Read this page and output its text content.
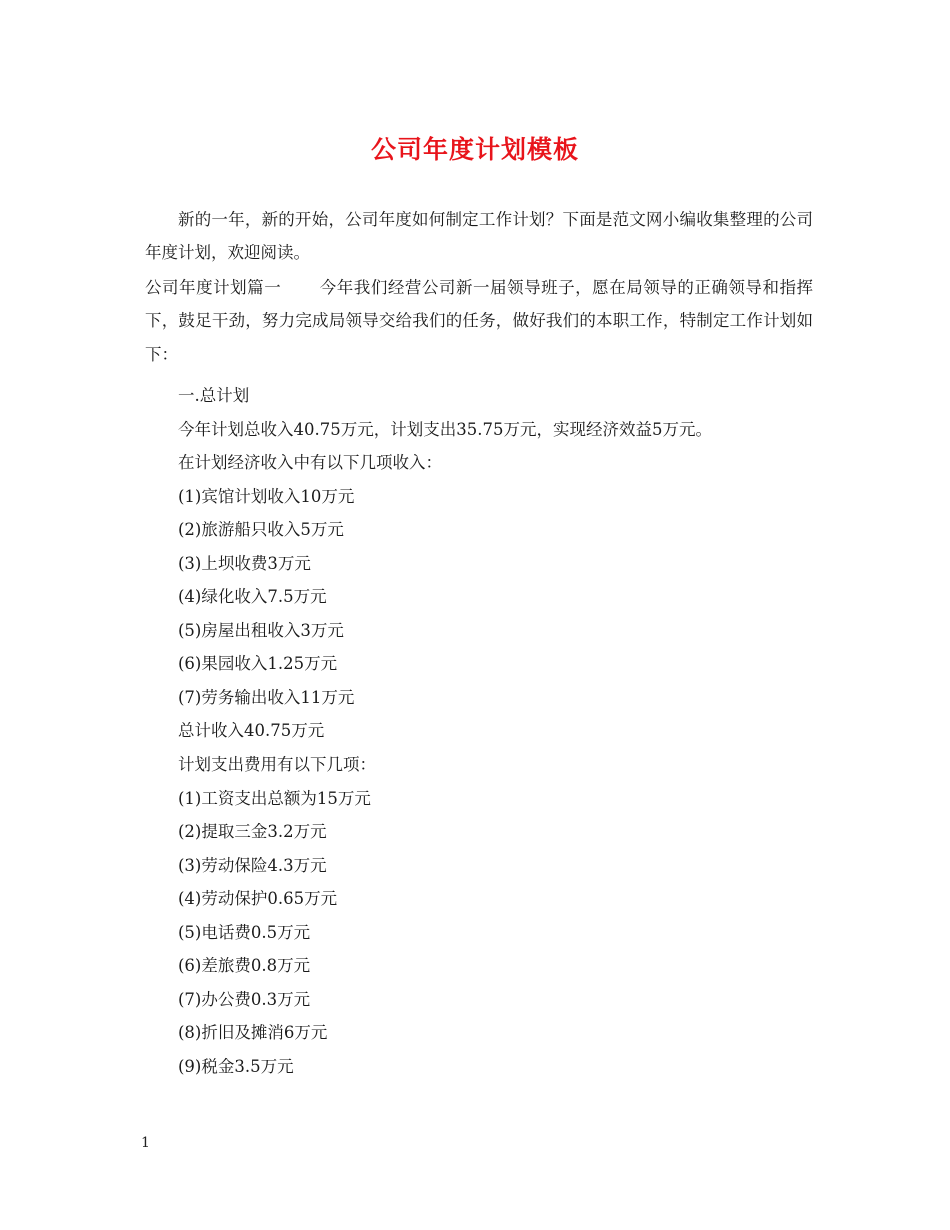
公司年度计划模板
新的一年，新的开始，公司年度如何制定工作计划？下面是范文网小编收集整理的公司年度计划，欢迎阅读。
公司年度计划篇一 今年我们经营公司新一届领导班子，愿在局领导的正确领导和指挥下，鼓足干劲，努力完成局领导交给我们的任务，做好我们的本职工作，特制定工作计划如下：
一.总计划
今年计划总收入40.75万元，计划支出35.75万元，实现经济效益5万元。
在计划经济收入中有以下几项收入：
(1)宾馆计划收入10万元
(2)旅游船只收入5万元
(3)上坝收费3万元
(4)绿化收入7.5万元
(5)房屋出租收入3万元
(6)果园收入1.25万元
(7)劳务输出收入11万元
总计收入40.75万元
计划支出费用有以下几项：
(1)工资支出总额为15万元
(2)提取三金3.2万元
(3)劳动保险4.3万元
(4)劳动保护0.65万元
(5)电话费0.5万元
(6)差旅费0.8万元
(7)办公费0.3万元
(8)折旧及摊消6万元
(9)税金3.5万元
1
